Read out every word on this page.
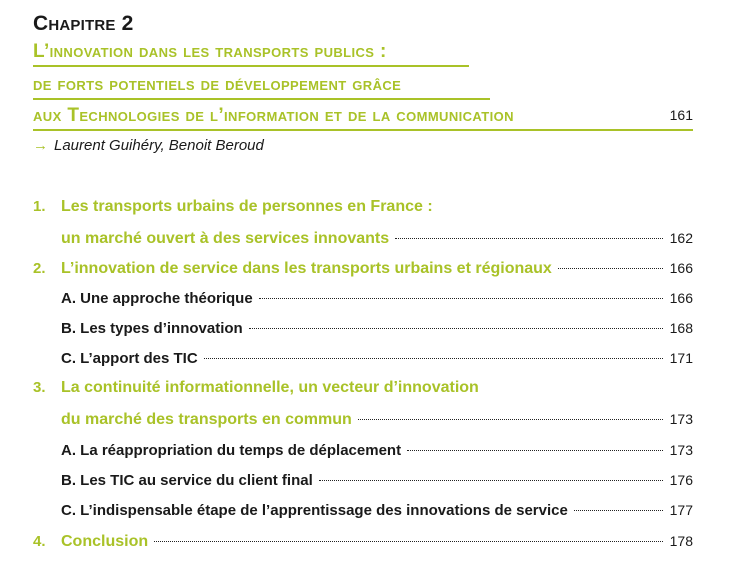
Chapitre 2
L’innovation dans les transports publics :
de forts potentiels de développement grâce
aux Technologies de l’information et de la communication	161
→ Laurent Guihéry, Benoit Beroud
1. Les transports urbains de personnes en France :
un marché ouvert à des services innovants	162
2. L’innovation de service dans les transports urbains et régionaux	166
A. Une approche théorique	166
B. Les types d’innovation	168
C. L’apport des TIC	171
3. La continuité informationnelle, un vecteur d’innovation
du marché des transports en commun	173
A. La réappropriation du temps de déplacement	173
B. Les TIC au service du client final	176
C. L’indispensable étape de l’apprentissage des innovations de service	177
4. Conclusion	178
